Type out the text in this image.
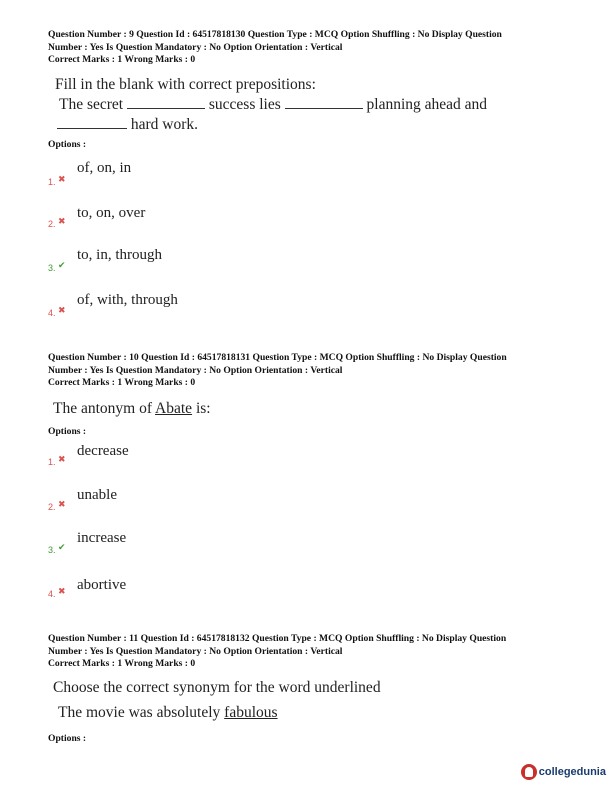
Question Number : 9 Question Id : 64517818130 Question Type : MCQ Option Shuffling : No Display Question

Number : Yes Is Question Mandatory : No Option Orientation : Vertical

Correct Marks : 1 Wrong Marks : 0

Fill in the blank with correct prepositions:
The secret	success lies	planning ahead and
hard work.
Options :
of, on, in
1. ✖
to, on, over
2. ✖
to, in, through
3. ✔
of, with, through
4. ✖

Question Number : 10 Question Id : 64517818131 Question Type : MCQ Option Shuffling : No Display Question

Number : Yes Is Question Mandatory : No Option Orientation : Vertical

Correct Marks : 1 Wrong Marks : 0

The antonym of Abate is:
Options :
decrease
1. ✖
unable
2. ✖
increase
3. ✔
abortive
4. ✖

Question Number : 11 Question Id : 64517818132 Question Type : MCQ Option Shuffling : No Display Question

Number : Yes Is Question Mandatory : No Option Orientation : Vertical

Correct Marks : 1 Wrong Marks : 0

Choose the correct synonym for the word underlined
The movie was absolutely fabulous
Options :
collegedunia
